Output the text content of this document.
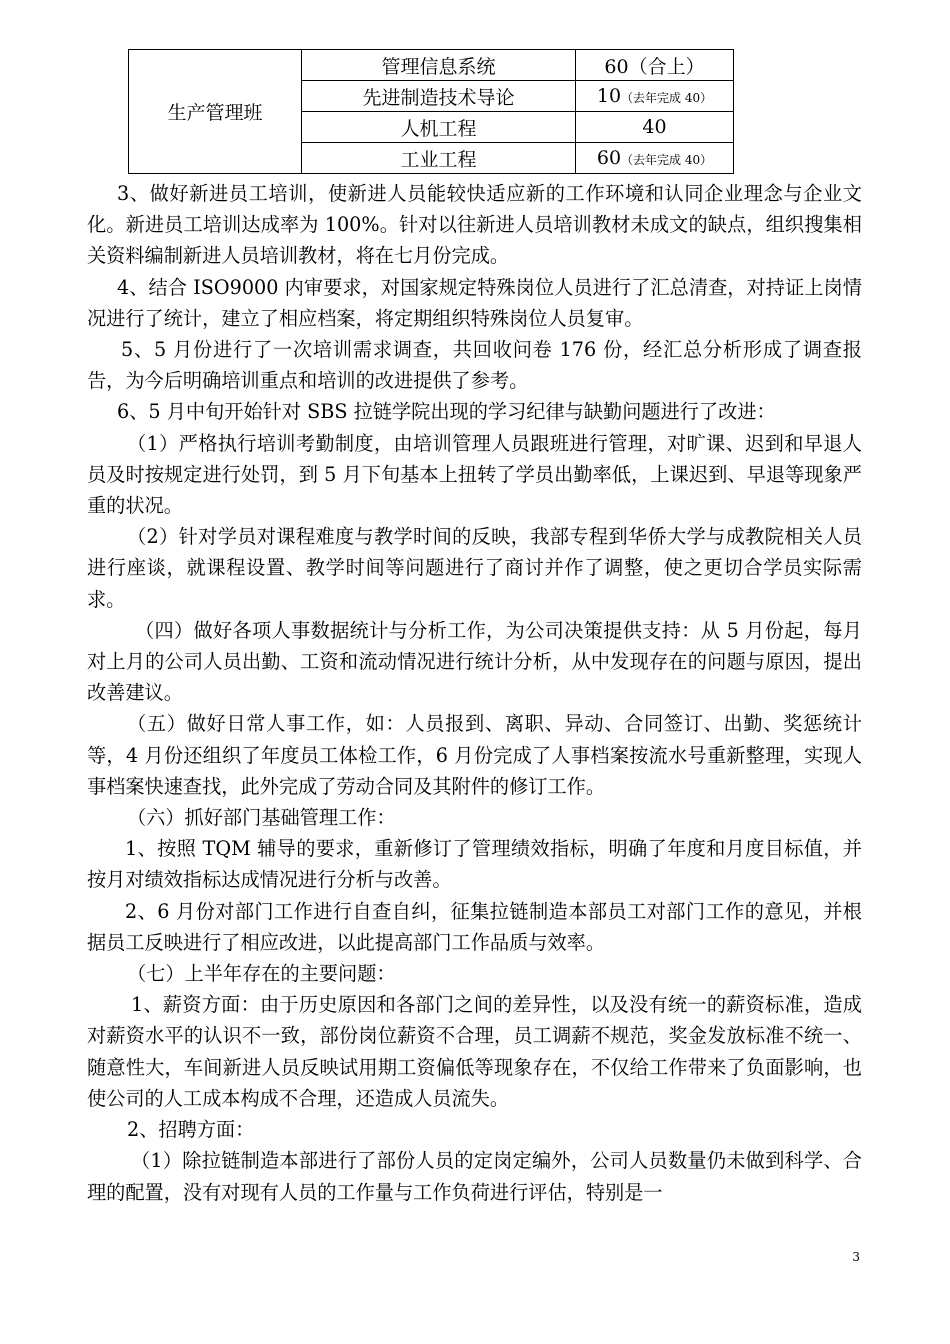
生产管理班	管理信息系统	60（合上）
	先进制造技术导论	10（去年完成 40）
	人机工程	40
	工业工程	60（去年完成 40）

3、做好新进员工培训，使新进人员能较快适应新的工作环境和认同企业理念与企业文化。新进员工培训达成率为 100%。针对以往新进人员培训教材未成文的缺点，组织搜集相关资料编制新进人员培训教材，将在七月份完成。

4、结合 ISO9000 内审要求，对国家规定特殊岗位人员进行了汇总清查，对持证上岗情况进行了统计，建立了相应档案，将定期组织特殊岗位人员复审。

5、5 月份进行了一次培训需求调查，共回收问卷 176 份，经汇总分析形成了调查报告，为今后明确培训重点和培训的改进提供了参考。

6、5 月中旬开始针对 SBS 拉链学院出现的学习纪律与缺勤问题进行了改进：

（1）严格执行培训考勤制度，由培训管理人员跟班进行管理，对旷课、迟到和早退人员及时按规定进行处罚，到 5 月下旬基本上扭转了学员出勤率低，上课迟到、早退等现象严重的状况。

（2）针对学员对课程难度与教学时间的反映，我部专程到华侨大学与成教院相关人员进行座谈，就课程设置、教学时间等问题进行了商讨并作了调整，使之更切合学员实际需求。

（四）做好各项人事数据统计与分析工作，为公司决策提供支持：从 5 月份起，每月对上月的公司人员出勤、工资和流动情况进行统计分析，从中发现存在的问题与原因，提出改善建议。

（五）做好日常人事工作，如：人员报到、离职、异动、合同签订、出勤、奖惩统计等，4 月份还组织了年度员工体检工作，6 月份完成了人事档案按流水号重新整理，实现人事档案快速查找，此外完成了劳动合同及其附件的修订工作。

（六）抓好部门基础管理工作：

1、按照 TQM 辅导的要求，重新修订了管理绩效指标，明确了年度和月度目标值，并按月对绩效指标达成情况进行分析与改善。

2、6 月份对部门工作进行自查自纠，征集拉链制造本部员工对部门工作的意见，并根据员工反映进行了相应改进，以此提高部门工作品质与效率。

（七）上半年存在的主要问题：

1、薪资方面：由于历史原因和各部门之间的差异性，以及没有统一的薪资标准，造成对薪资水平的认识不一致，部份岗位薪资不合理，员工调薪不规范，奖金发放标准不统一、随意性大，车间新进人员反映试用期工资偏低等现象存在，不仅给工作带来了负面影响，也使公司的人工成本构成不合理，还造成人员流失。

2、招聘方面：

（1）除拉链制造本部进行了部份人员的定岗定编外，公司人员数量仍未做到科学、合理的配置，没有对现有人员的工作量与工作负荷进行评估，特别是一

3
